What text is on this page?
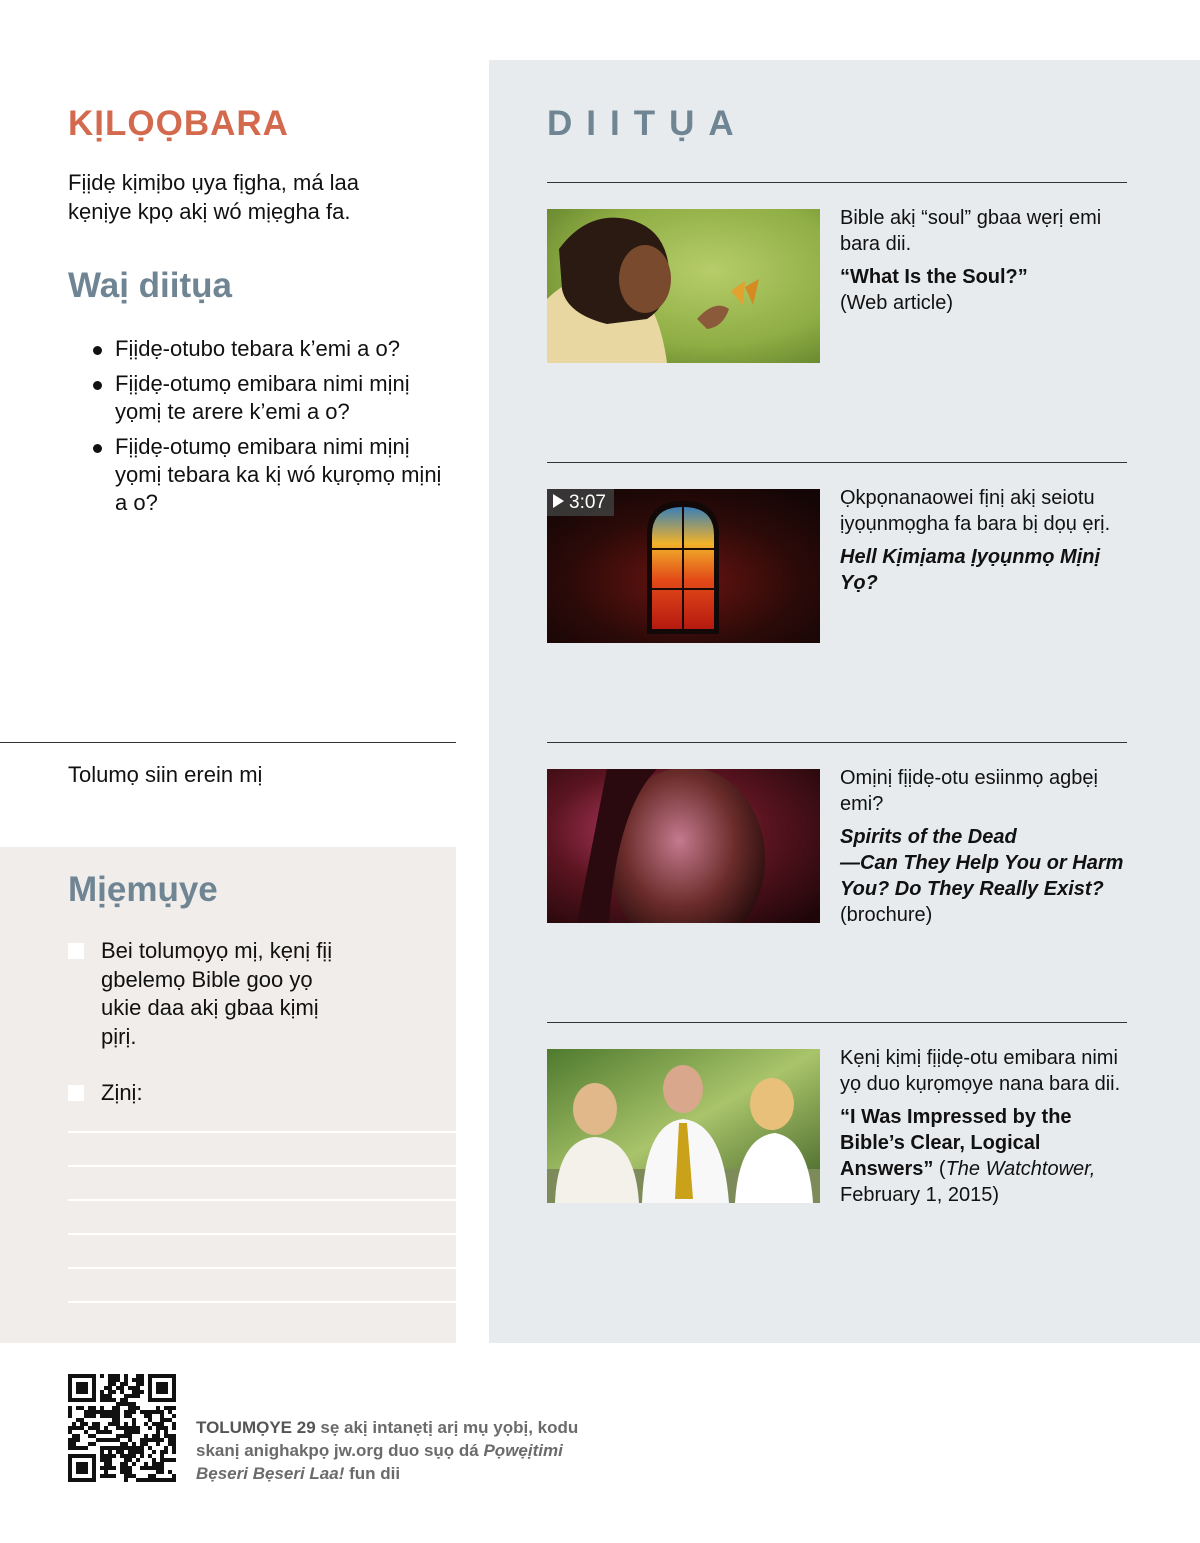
KỊLỌỌBARA
Fịịdẹ kịmịbo ụya fịgha, má laa kẹnịye kpọ akị wó mịẹgha fa.
Waị diitụa
Fịịdẹ-otubo tebara k’emi a o?
Fịịdẹ-otumọ emibara nimi mịnị yọmị te arere k’emi a o?
Fịịdẹ-otumọ emibara nimi mịnị yọmị tebara ka kị wó kụrọmọ mịnị a o?
Tolumọ siin erein mị
Mịẹmụye
Bei tolumọyọ mị, kẹnị fịị gbelemọ Bible goo yọ ukie daa akị gbaa kịmị pịrị.
Zịnị:
DIITỤA
Bible akị “soul” gbaa wẹrị emi bara dii.
“What Is the Soul?”
(Web article)
3:07	Ọkpọnanaowei fịnị akị seiotu ịyọụnmọgha fa bara bị dọụ ẹrị.
Hell Kịmịama Ịyọụnmọ Mịnị Yọ?
Omịnị fịịdẹ-otu esiinmọ agbẹị emi?
Spirits of the Dead
—Can They Help You or Harm You? Do They Really Exist?
(brochure)
Kẹnị kịmị fịịdẹ-otu emibara nimi yọ duo kụrọmọye nana bara dii.
“I Was Impressed by the Bible’s Clear, Logical Answers” (The Watchtower, February 1, 2015)
TOLUMỌYE 29 sẹ akị intanẹtị arị mụ yọbị, kodu skanị anighakpọ jw.org duo sụọ dá Pọwẹịtimi Bẹseri Bẹseri Laa! fun dii
